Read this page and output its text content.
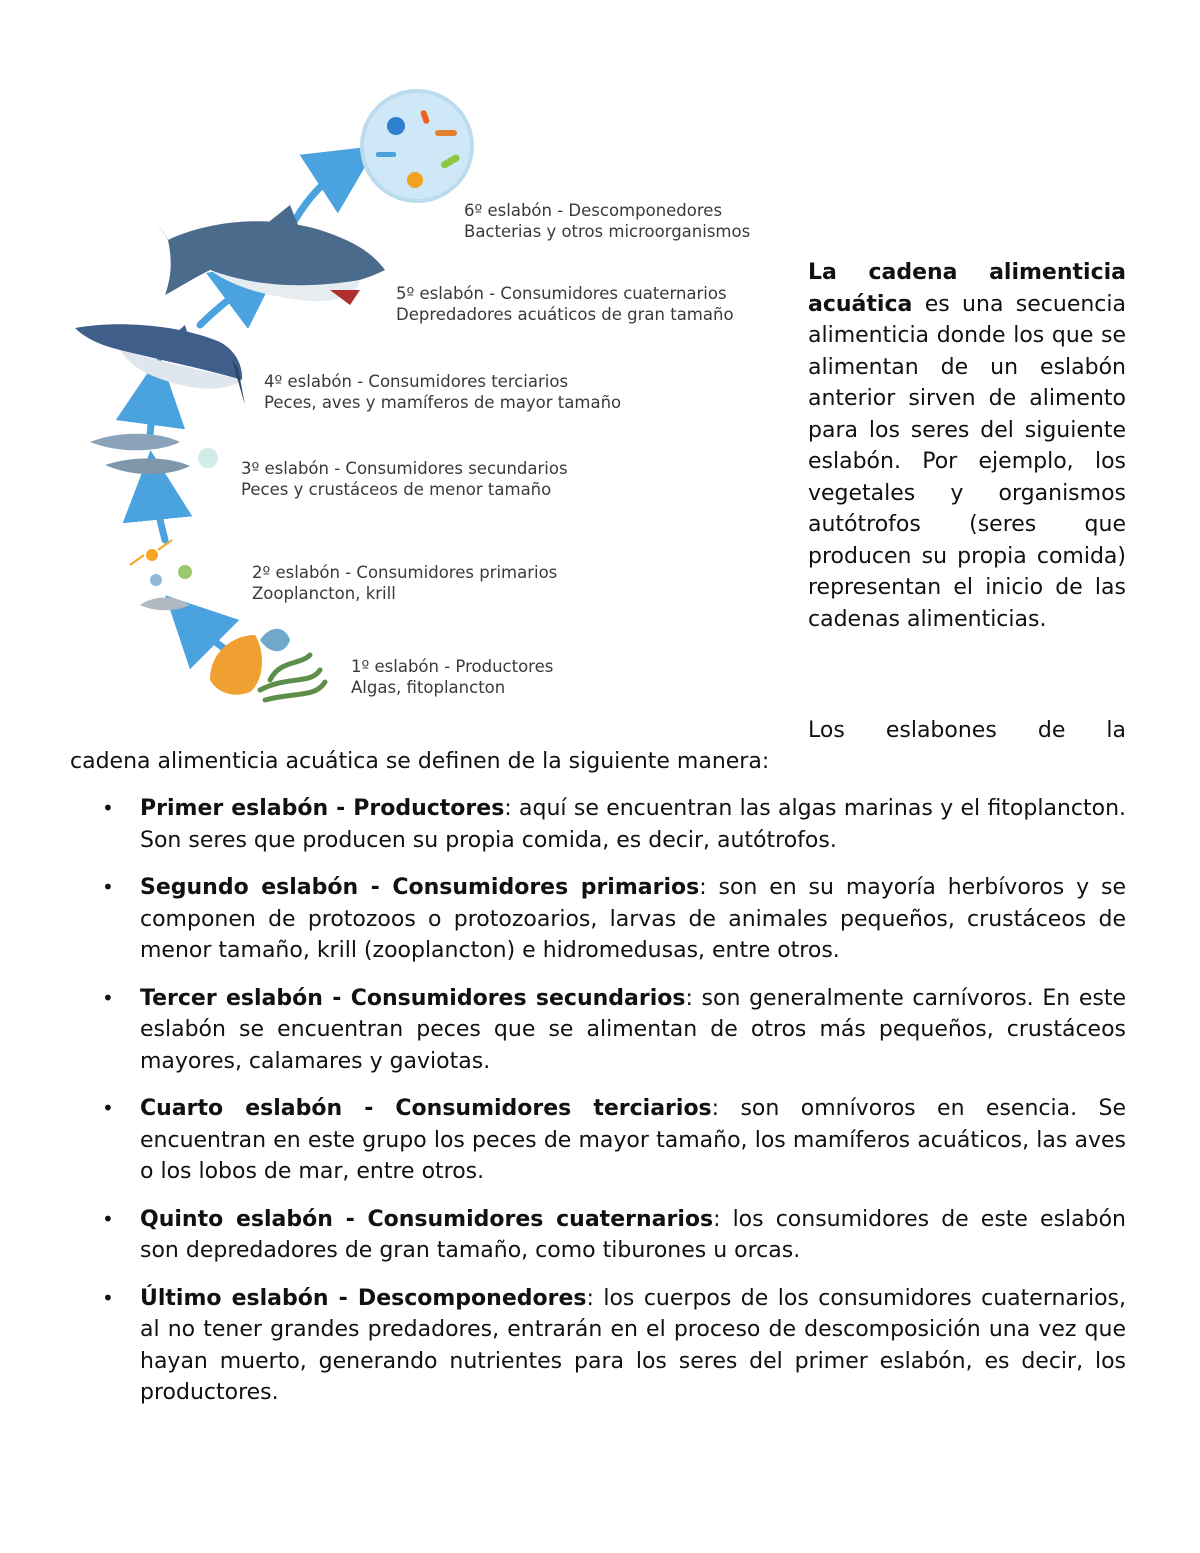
6º eslabón - Descomponedores
Bacterias y otros microorganismos
5º eslabón - Consumidores cuaternarios
Depredadores acuáticos de gran tamaño
4º eslabón - Consumidores terciarios
Peces, aves y mamíferos de mayor tamaño
3º eslabón - Consumidores secundarios
Peces y crustáceos de menor tamaño
2º eslabón - Consumidores primarios
Zooplancton, krill
1º eslabón - Productores
Algas, fitoplancton

La cadena alimenticia acuática es una secuencia alimenticia donde los que se alimentan de un eslabón anterior sirven de alimento para los seres del siguiente eslabón. Por ejemplo, los vegetales y organismos autótrofos (seres que producen su propia comida) representan el inicio de las cadenas alimenticias.

Los eslabones de la
cadena alimenticia acuática se definen de la siguiente manera:
• Primer eslabón - Productores: aquí se encuentran las algas marinas y el fitoplancton. Son seres que producen su propia comida, es decir, autótrofos.
• Segundo eslabón - Consumidores primarios: son en su mayoría herbívoros y se componen de protozoos o protozoarios, larvas de animales pequeños, crustáceos de menor tamaño, krill (zooplancton) e hidromedusas, entre otros.
• Tercer eslabón - Consumidores secundarios: son generalmente carnívoros. En este eslabón se encuentran peces que se alimentan de otros más pequeños, crustáceos mayores, calamares y gaviotas.
• Cuarto eslabón - Consumidores terciarios: son omnívoros en esencia. Se encuentran en este grupo los peces de mayor tamaño, los mamíferos acuáticos, las aves o los lobos de mar, entre otros.
• Quinto eslabón - Consumidores cuaternarios: los consumidores de este eslabón son depredadores de gran tamaño, como tiburones u orcas.
• Último eslabón - Descomponedores: los cuerpos de los consumidores cuaternarios, al no tener grandes predadores, entrarán en el proceso de descomposición una vez que hayan muerto, generando nutrientes para los seres del primer eslabón, es decir, los productores.
